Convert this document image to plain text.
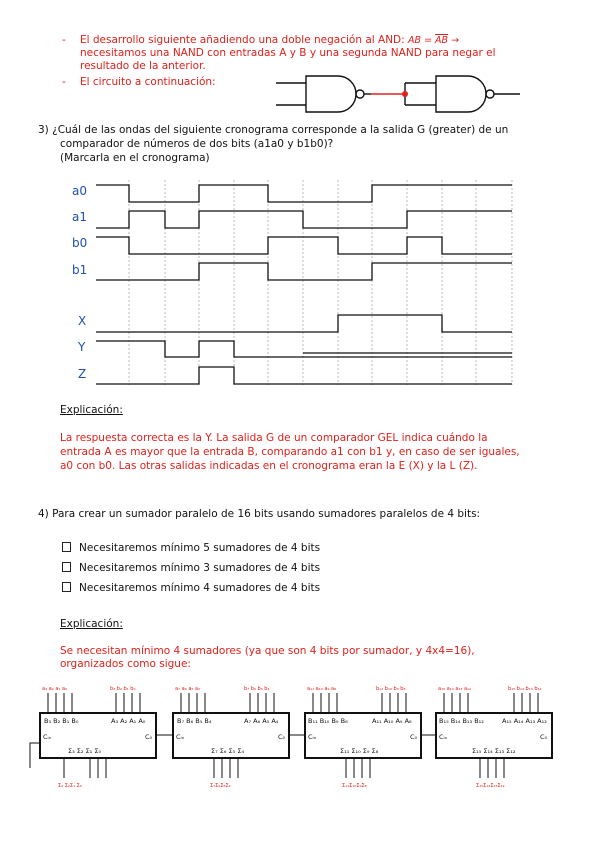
- El desarrollo siguiente añadiendo una doble negación al AND: AB = AB →
necesitamos una NAND con entradas A y B y una segunda NAND para negar el
resultado de la anterior.
- El circuito a continuación:
3) ¿Cuál de las ondas del siguiente cronograma corresponde a la salida G (greater) de un
comparador de números de dos bits (a1a0 y b1b0)?
(Marcarla en el cronograma)
a0
a1
b0
b1
X
Y
Z
Explicación:
La respuesta correcta es la Y. La salida G de un comparador GEL indica cuándo la
entrada A es mayor que la entrada B, comparando a1 con b1 y, en caso de ser iguales,
a0 con b0. Las otras salidas indicadas en el cronograma eran la E (X) y la L (Z).
4) Para crear un sumador paralelo de 16 bits usando sumadores paralelos de 4 bits:
Necesitaremos mínimo 5 sumadores de 4 bits
Necesitaremos mínimo 3 sumadores de 4 bits
Necesitaremos mínimo 4 sumadores de 4 bits
Explicación:
Se necesitan mínimo 4 sumadores (ya que son 4 bits por sumador, y 4x4=16),
organizados como sigue:
a₃ a₂ a₁ a₀	b₃ b₂ b₁ b₀	a₇ a₆ a₅ a₄	b₇ b₆ b₅ b₄	a₁₁ a₁₀ a₉ a₈	b₁₁ b₁₀ b₉ b₈	a₁₅ a₁₄ a₁₃ a₁₂	b₁₅ b₁₄ b₁₃ b₁₂
Σ₃ Σ₂Σ₁ Σ₀	Σ₇Σ₆Σ₅Σ₄	Σ₁₁Σ₁₀Σ₉Σ₈	Σ₁₅Σ₁₄Σ₁₃Σ₁₂
B₃ B₂ B₁ B₀	A₃ A₂ A₁ A₀
Cᵢₙ	C₀
Σ₃ Σ₂ Σ₁ Σ₀
B₇ B₆ B₅ B₄	A₇ A₆ A₅ A₄
Cᵢₙ	C₀
Σ₇ Σ₆ Σ₅ Σ₄
B₁₁ B₁₀ B₉ B₈	A₁₁ A₁₀ A₉ A₈
Cᵢₙ	C₀
Σ₁₁ Σ₁₀ Σ₉ Σ₈
B₁₅ B₁₄ B₁₃ B₁₂	A₁₅ A₁₄ A₁₃ A₁₂
Cᵢₙ	C₀
Σ₁₅ Σ₁₄ Σ₁₃ Σ₁₂
